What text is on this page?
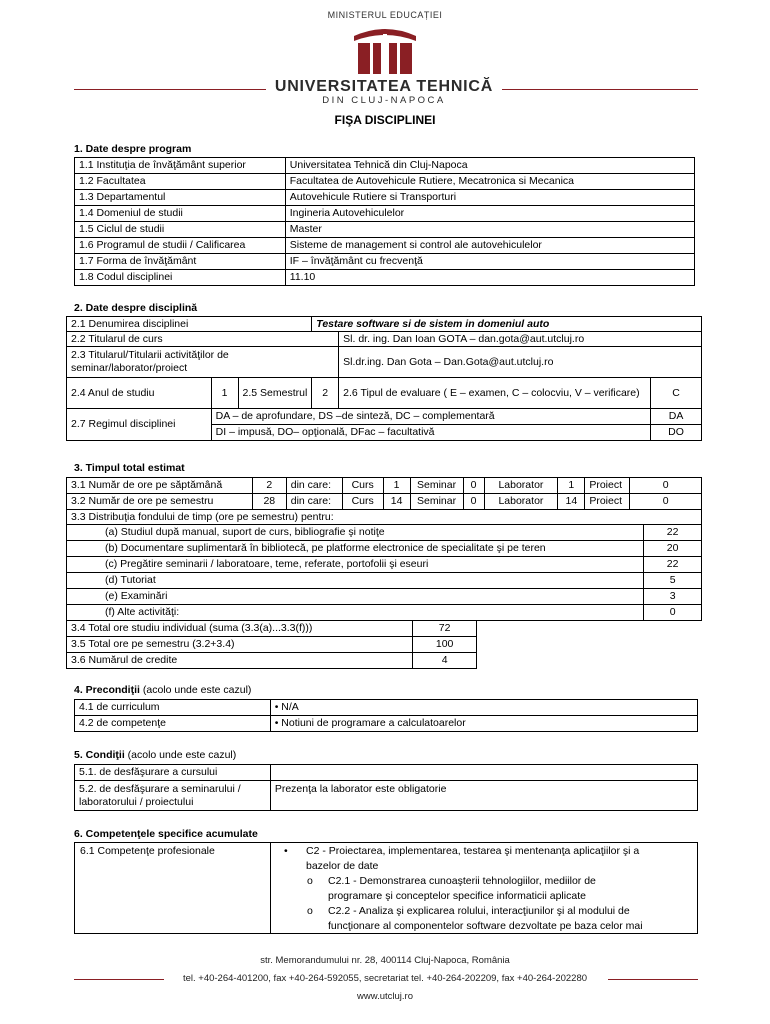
MINISTERUL EDUCAȚIEI
UNIVERSITATEA TEHNICĂ
DIN CLUJ-NAPOCA
FIŞA DISCIPLINEI
1. Date despre program
1.1 Instituţia de învăţământ superior	Universitatea Tehnică din Cluj-Napoca
1.2 Facultatea	Facultatea de Autovehicule Rutiere, Mecatronica si Mecanica
1.3 Departamentul	Autovehicule Rutiere si Transporturi
1.4 Domeniul de studii	Ingineria Autovehiculelor
1.5 Ciclul de studii	Master
1.6 Programul de studii / Calificarea	Sisteme de management si control ale autovehiculelor
1.7 Forma de învăţământ	IF – învăţământ cu frecvenţă
1.8 Codul disciplinei	11.10
2. Date despre disciplină
2.1 Denumirea disciplinei			Testare software si de sistem in domeniul auto		
2.2 Titularul de curs				Sl. dr. ing. Dan Ioan GOTA – dan.gota@aut.utcluj.ro	
2.3 Titularul/Titularii activităţilor de seminar/laborator/proiect				Sl.dr.ing. Dan Gota – Dan.Gota@aut.utcluj.ro	
2.4 Anul de studiu	1	2.5 Semestrul	2	2.6 Tipul de evaluare ( E – examen, C – colocviu, V – verificare)	C
2.7 Regimul disciplinei	DA – de aprofundare, DS –de sinteză, DC – complementară				DA
	DI – impusă, DO– opţională, DFac – facultativă				DO
3. Timpul total estimat
3.1 Număr de ore pe săptămână	2	din care:	Curs	1	Seminar	0	Laborator	1	Proiect	0
3.2 Număr de ore pe semestru	28	din care:	Curs	14	Seminar	0	Laborator	14	Proiect	0
3.3 Distribuţia fondului de timp (ore pe semestru) pentru:	
(a) Studiul după manual, suport de curs, bibliografie şi notiţe	22
(b) Documentare suplimentară în bibliotecă, pe platforme electronice de specialitate şi pe teren	20
(c) Pregătire seminarii / laboratoare, teme, referate, portofolii şi eseuri	22
(d) Tutoriat	5
(e) Examinări	3
(f) Alte activităţi:	0
3.4 Total ore studiu individual (suma (3.3(a)...3.3(f)))	72
3.5 Total ore pe semestru (3.2+3.4)	100
3.6 Numărul de credite	4
4. Precondiţii (acolo unde este cazul)
4.1 de curriculum	• N/A
4.2 de competenţe	• Notiuni de programare a calculatoarelor
5. Condiţii (acolo unde este cazul)
5.1. de desfăşurare a cursului	
5.2. de desfăşurare a seminarului / laboratorului / proiectului	Prezenţa la laborator este obligatorie
6. Competenţele specifice acumulate
6.1 Competenţe profesionale	• C2 - Proiectarea, implementarea, testarea şi mentenanţa aplicaţiilor şi a
bazelor de date
o C2.1 - Demonstrarea cunoaşterii tehnologiilor, mediilor de
programare şi conceptelor specifice informaticii aplicate
o C2.2 - Analiza şi explicarea rolului, interacţiunilor şi al modului de
funcţionare al componentelor software dezvoltate pe baza celor mai
str. Memorandumului nr. 28, 400114 Cluj-Napoca, România
tel. +40-264-401200, fax +40-264-592055, secretariat tel. +40-264-202209, fax +40-264-202280
www.utcluj.ro
